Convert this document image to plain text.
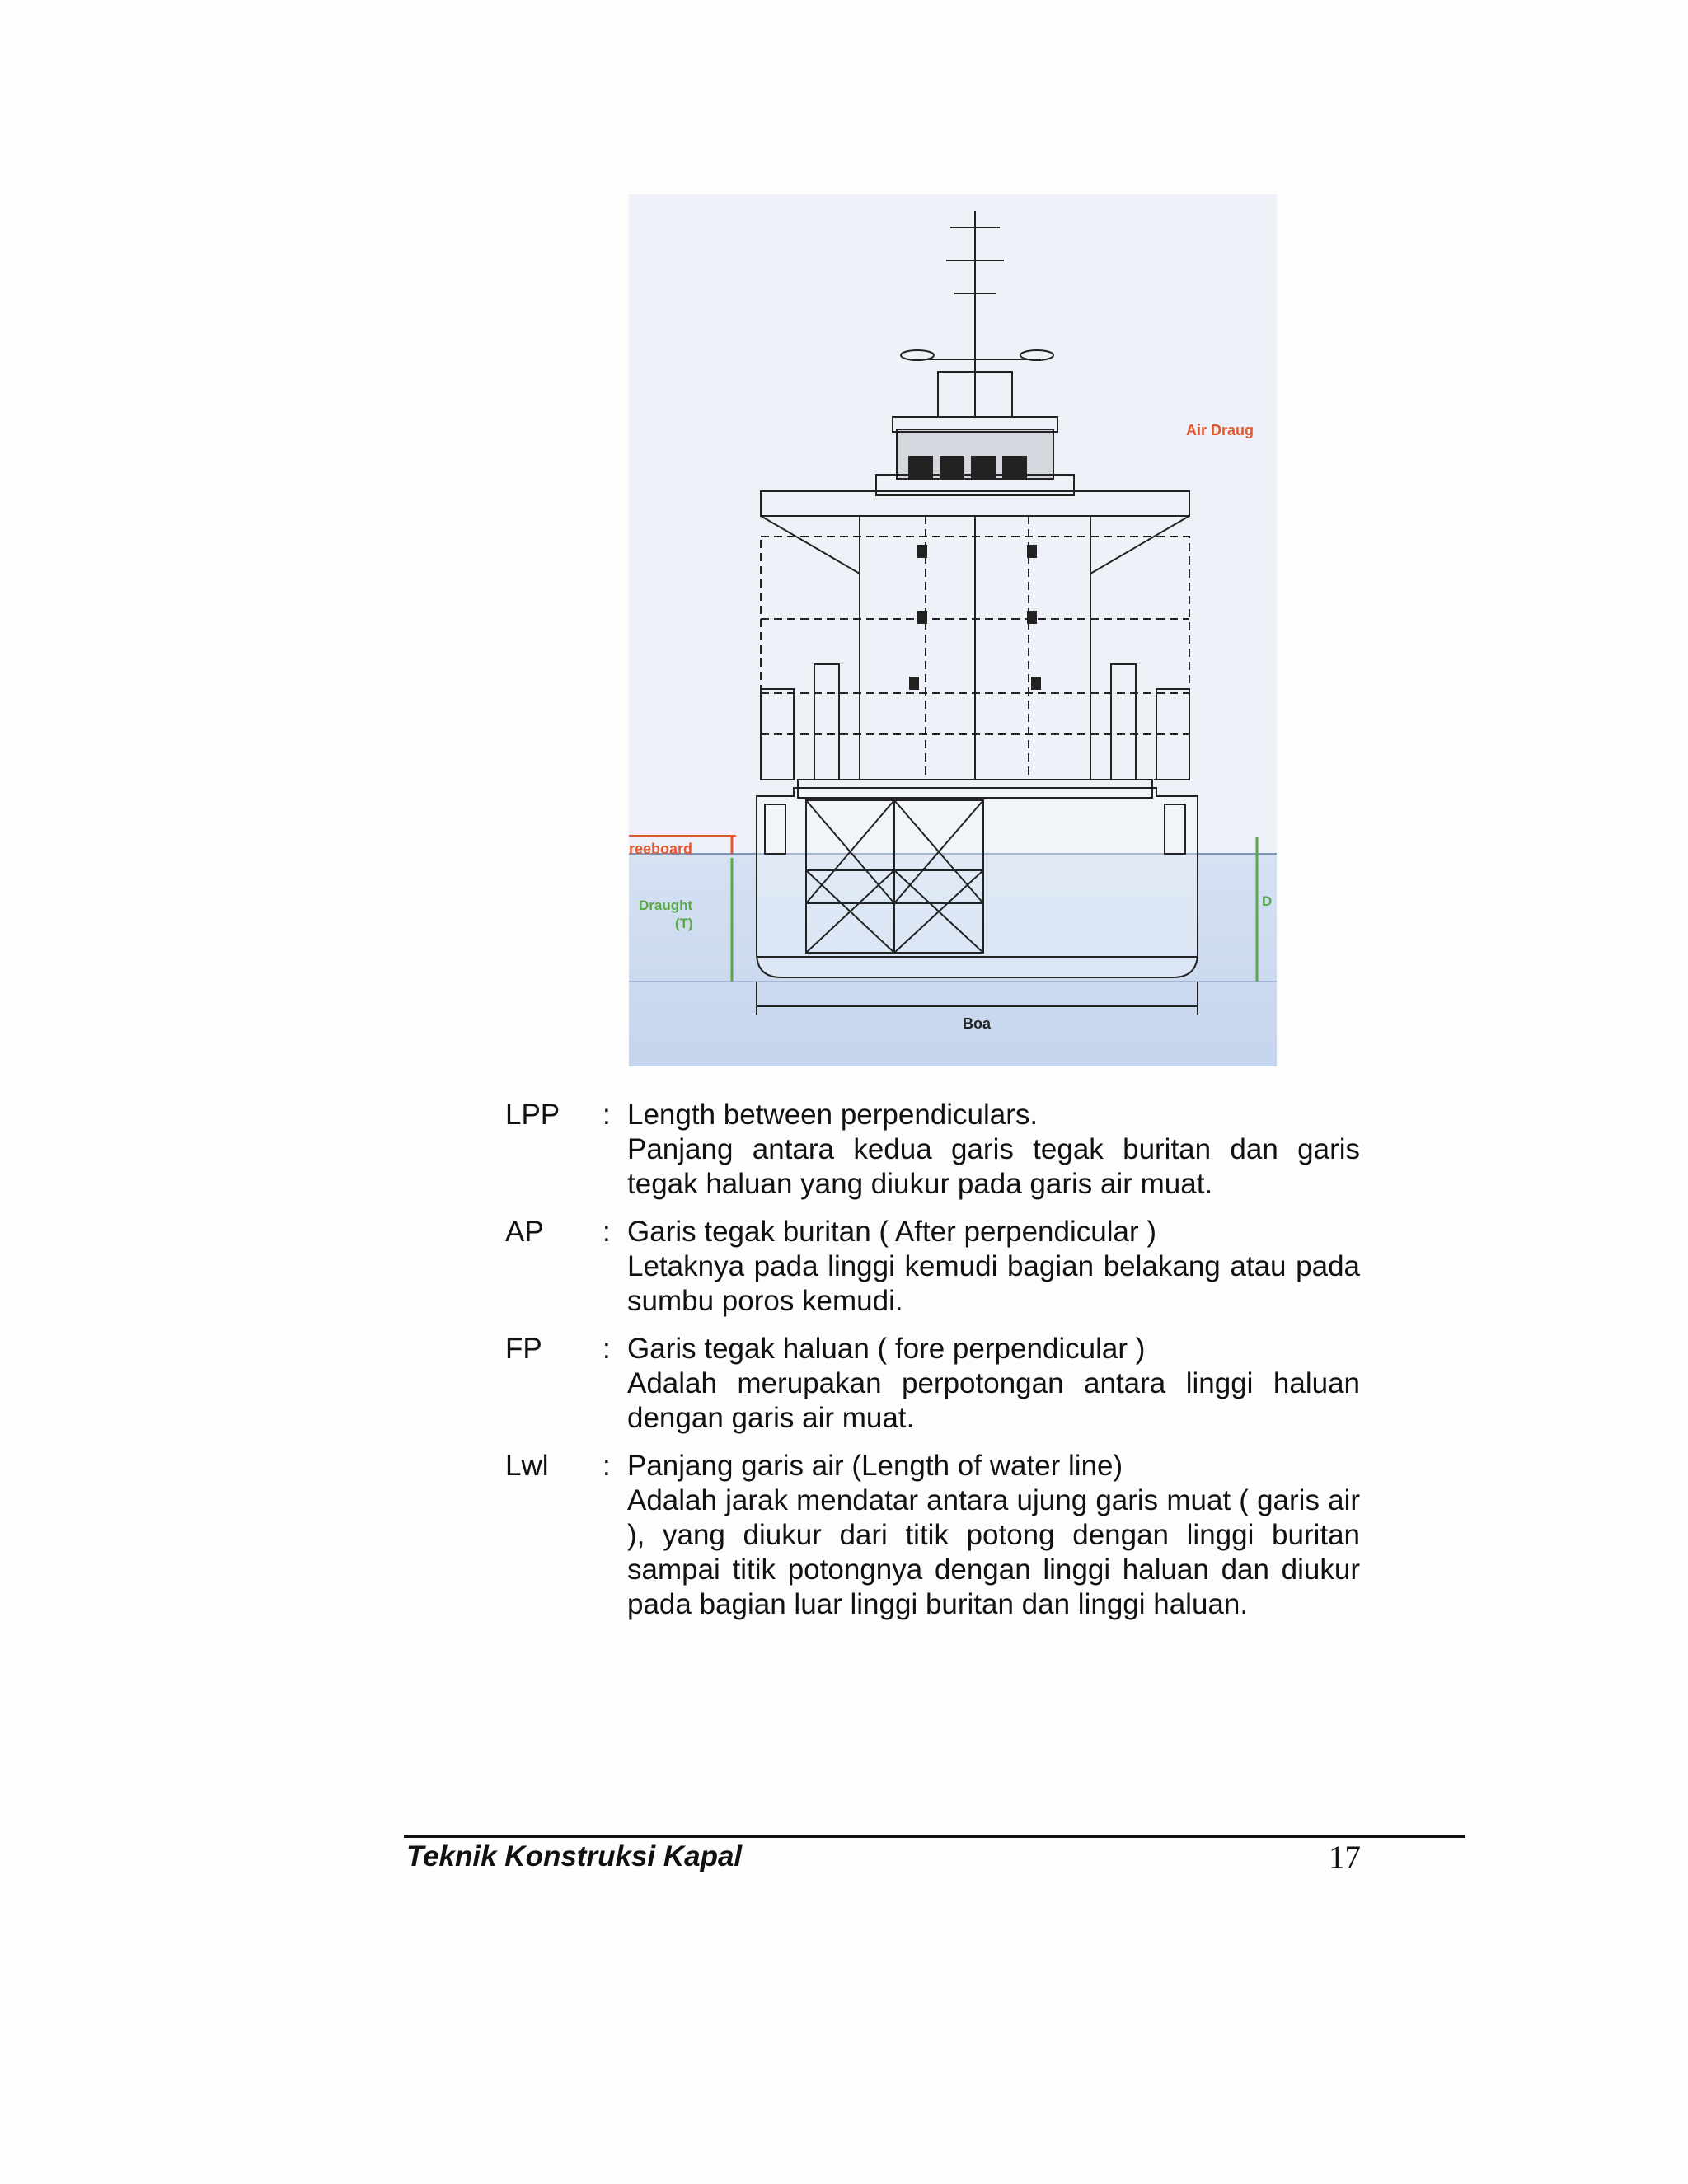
Air Draug
reeboard
Draught
(T)
D
Boa
LPP	: Length between perpendiculars.
Panjang antara kedua garis tegak buritan dan garis tegak haluan yang diukur pada garis air muat.
AP	: Garis tegak buritan ( After perpendicular )
Letaknya pada linggi kemudi bagian belakang atau pada sumbu poros kemudi.
FP	: Garis tegak haluan ( fore perpendicular )
Adalah merupakan perpotongan antara linggi haluan dengan garis air muat.
Lwl	: Panjang garis air (Length of water line)
Adalah jarak mendatar antara ujung garis muat ( garis air ), yang diukur dari titik potong dengan linggi buritan sampai titik potongnya dengan linggi haluan dan diukur pada bagian luar linggi buritan dan linggi haluan.
Teknik Konstruksi Kapal	17
